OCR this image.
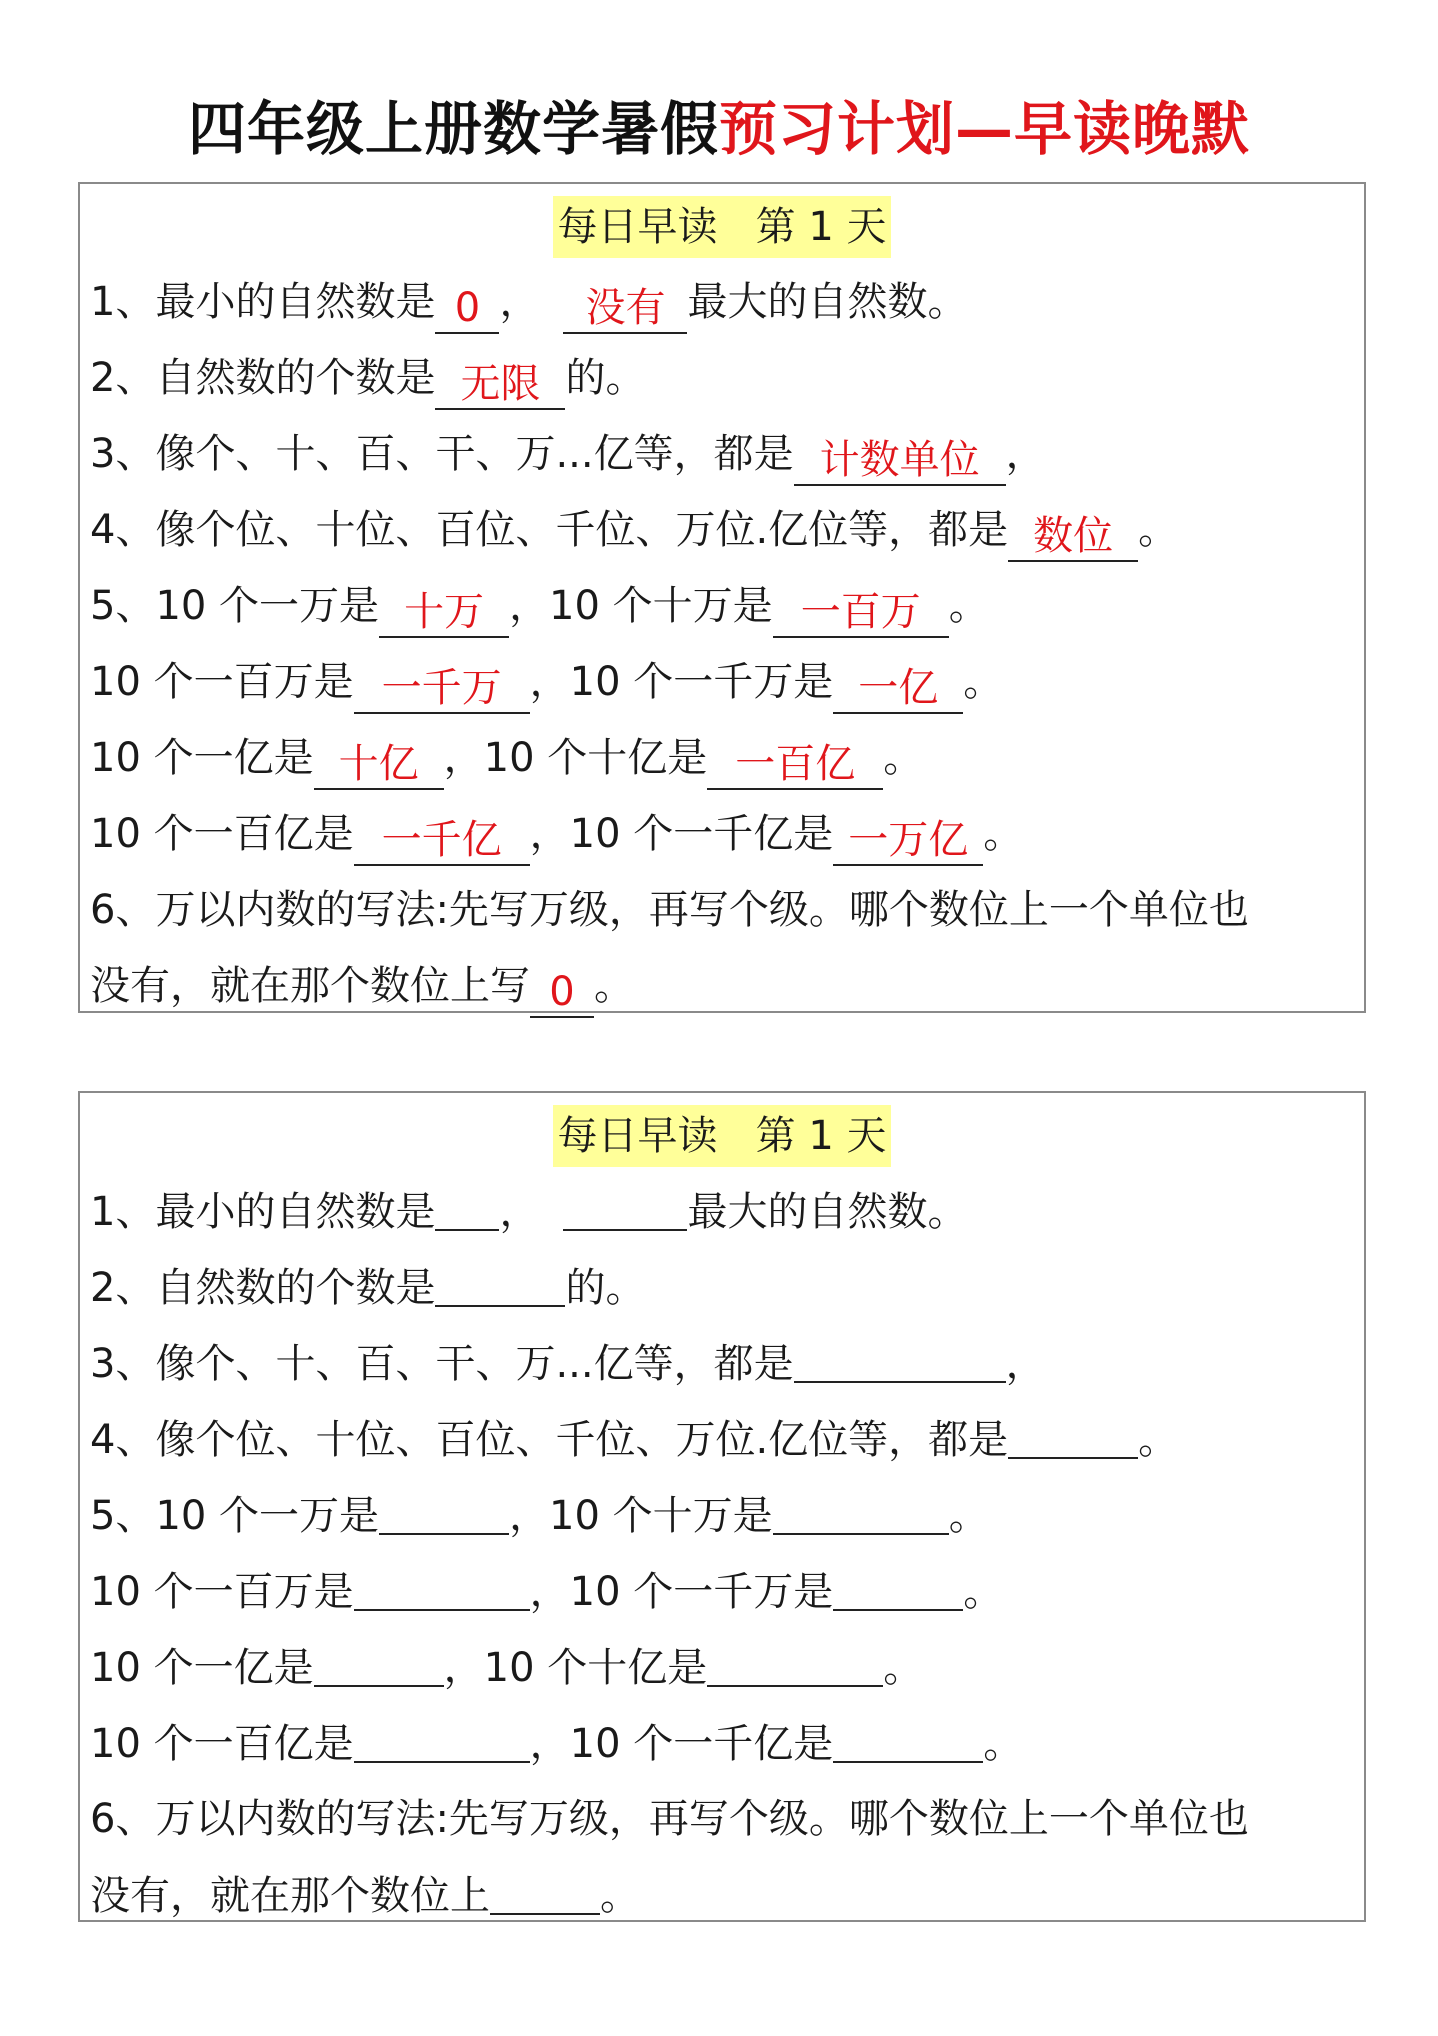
四年级上册数学暑假预习计划—早读晚默
每日早读   第 1 天
1、最小的自然数是 0 ， 没有 最大的自然数。
2、自然数的个数是 无限 的。
3、像个、十、百、干、万...亿等，都是 计数单位 ，
4、像个位、十位、百位、千位、万位.亿位等，都是 数位 。
5、10 个一万是 十万 ，10 个十万是 一百万 。
10 个一百万是 一千万 ，10 个一千万是 一亿 。
10 个一亿是 十亿 ，10 个十亿是 一百亿 。
10 个一百亿是 一千亿 ，10 个一千亿是 一万亿 。
6、万以内数的写法:先写万级，再写个级。哪个数位上一个单位也
没有，就在那个数位上写 0 。
每日早读   第 1 天
1、最小的自然数是 ，	最大的自然数。
2、自然数的个数是	的。
3、像个、十、百、干、万...亿等，都是	，
4、像个位、十位、百位、千位、万位.亿位等，都是	。
5、10 个一万是	，10 个十万是	。
10 个一百万是	，10 个一千万是	。
10 个一亿是	，10 个十亿是	。
10 个一百亿是	，10 个一千亿是	。
6、万以内数的写法:先写万级，再写个级。哪个数位上一个单位也
没有，就在那个数位上	。
